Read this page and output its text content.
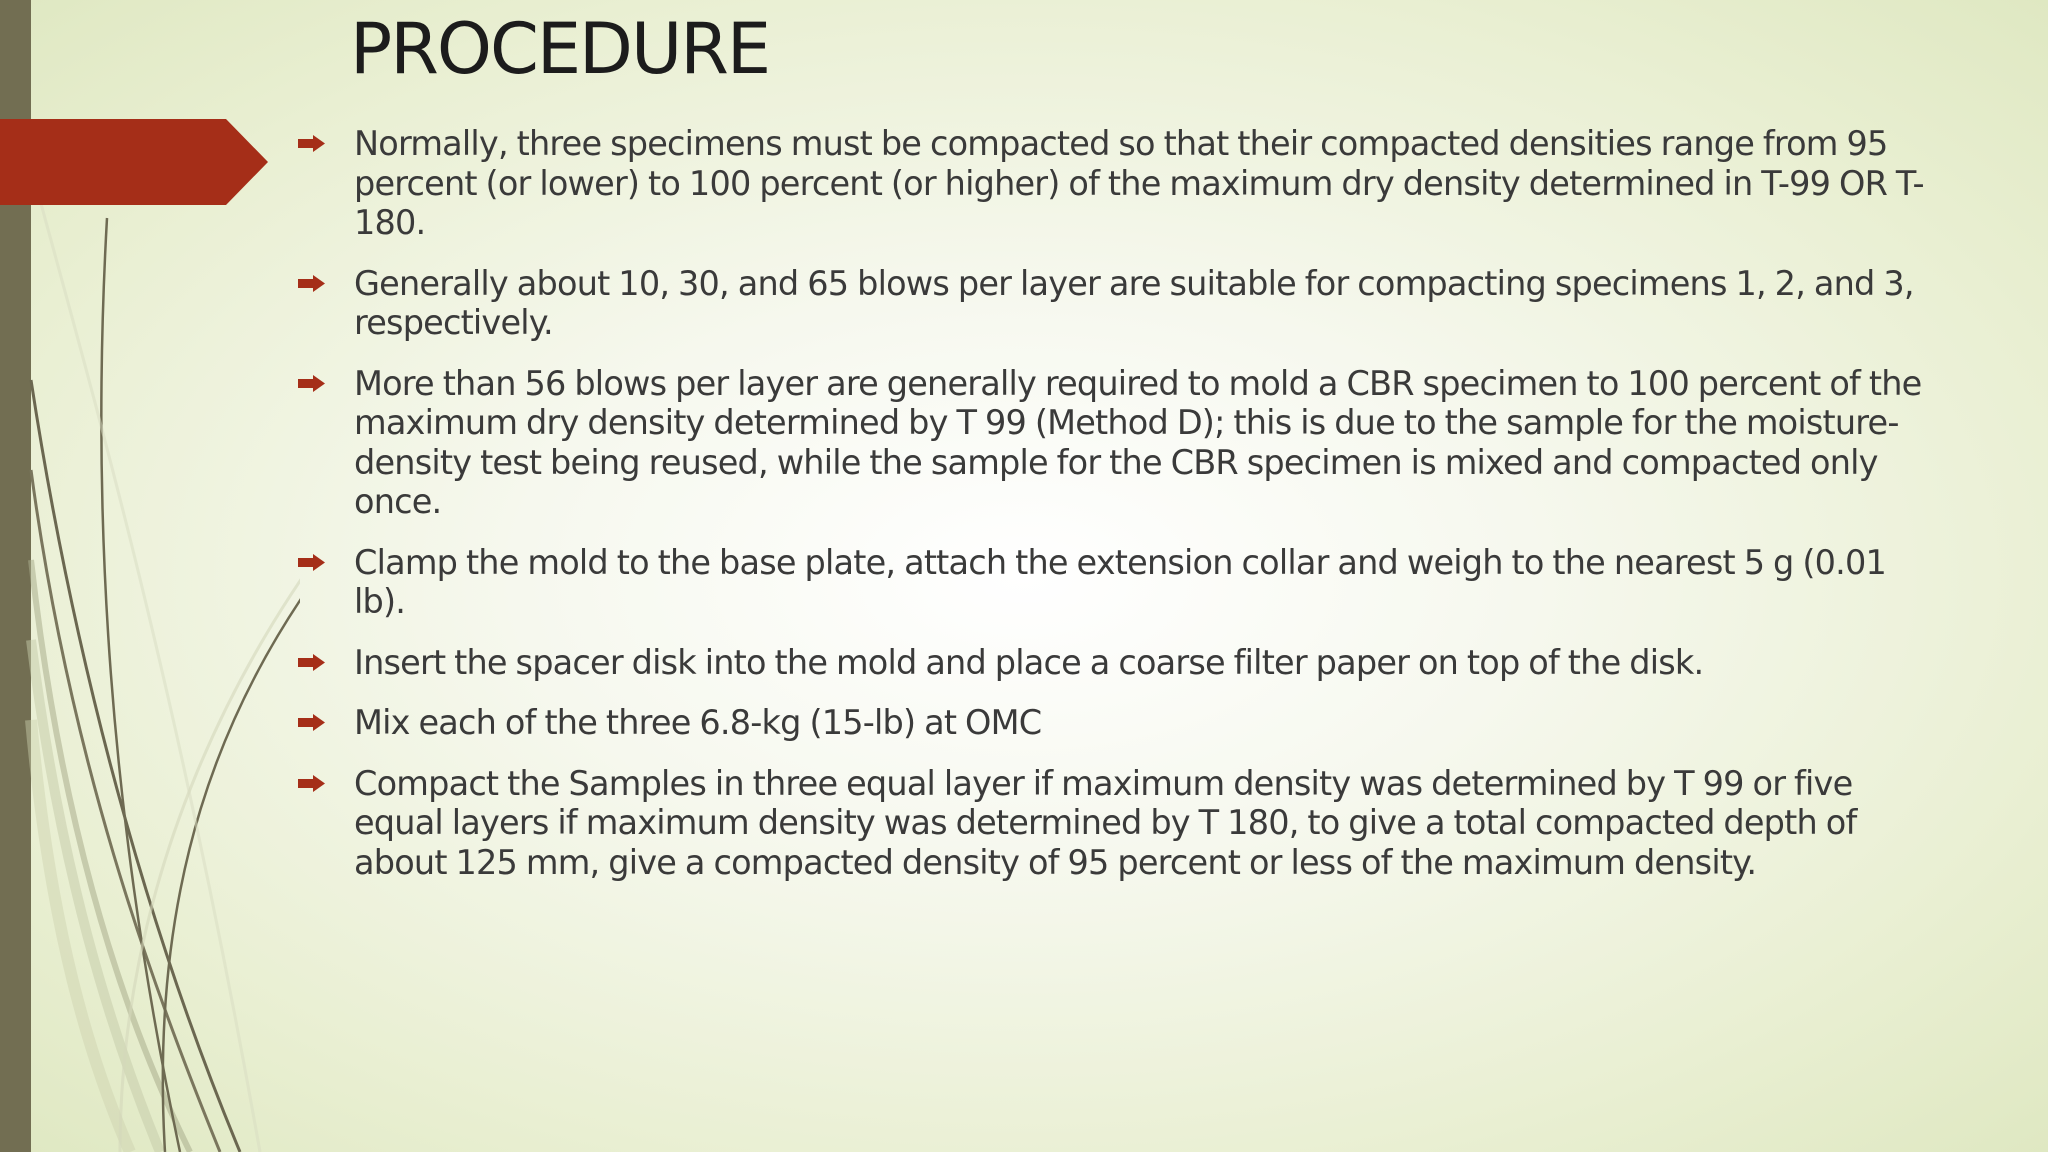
PROCEDURE
Normally, three specimens must be compacted so that their compacted densities range from 95 percent (or lower) to 100 percent (or higher) of the maximum dry density determined in T-99 OR T-180.
Generally about 10, 30, and 65 blows per layer are suitable for compacting specimens 1, 2, and 3, respectively.
More than 56 blows per layer are generally required to mold a CBR specimen to 100 percent of the maximum dry density determined by T 99 (Method D); this is due to the sample for the moisture-density test being reused, while the sample for the CBR specimen is mixed and compacted only once.
Clamp the mold to the base plate, attach the extension collar and weigh to the nearest 5 g (0.01 lb).
Insert the spacer disk into the mold and place a coarse filter paper on top of the disk.
Mix each of the three 6.8-kg (15-lb) at OMC
Compact the Samples in three equal layer if maximum density was determined by T 99 or five equal layers if maximum density was determined by T 180, to give a total compacted depth of about 125 mm, give a compacted density of 95 percent or less of the maximum density.
